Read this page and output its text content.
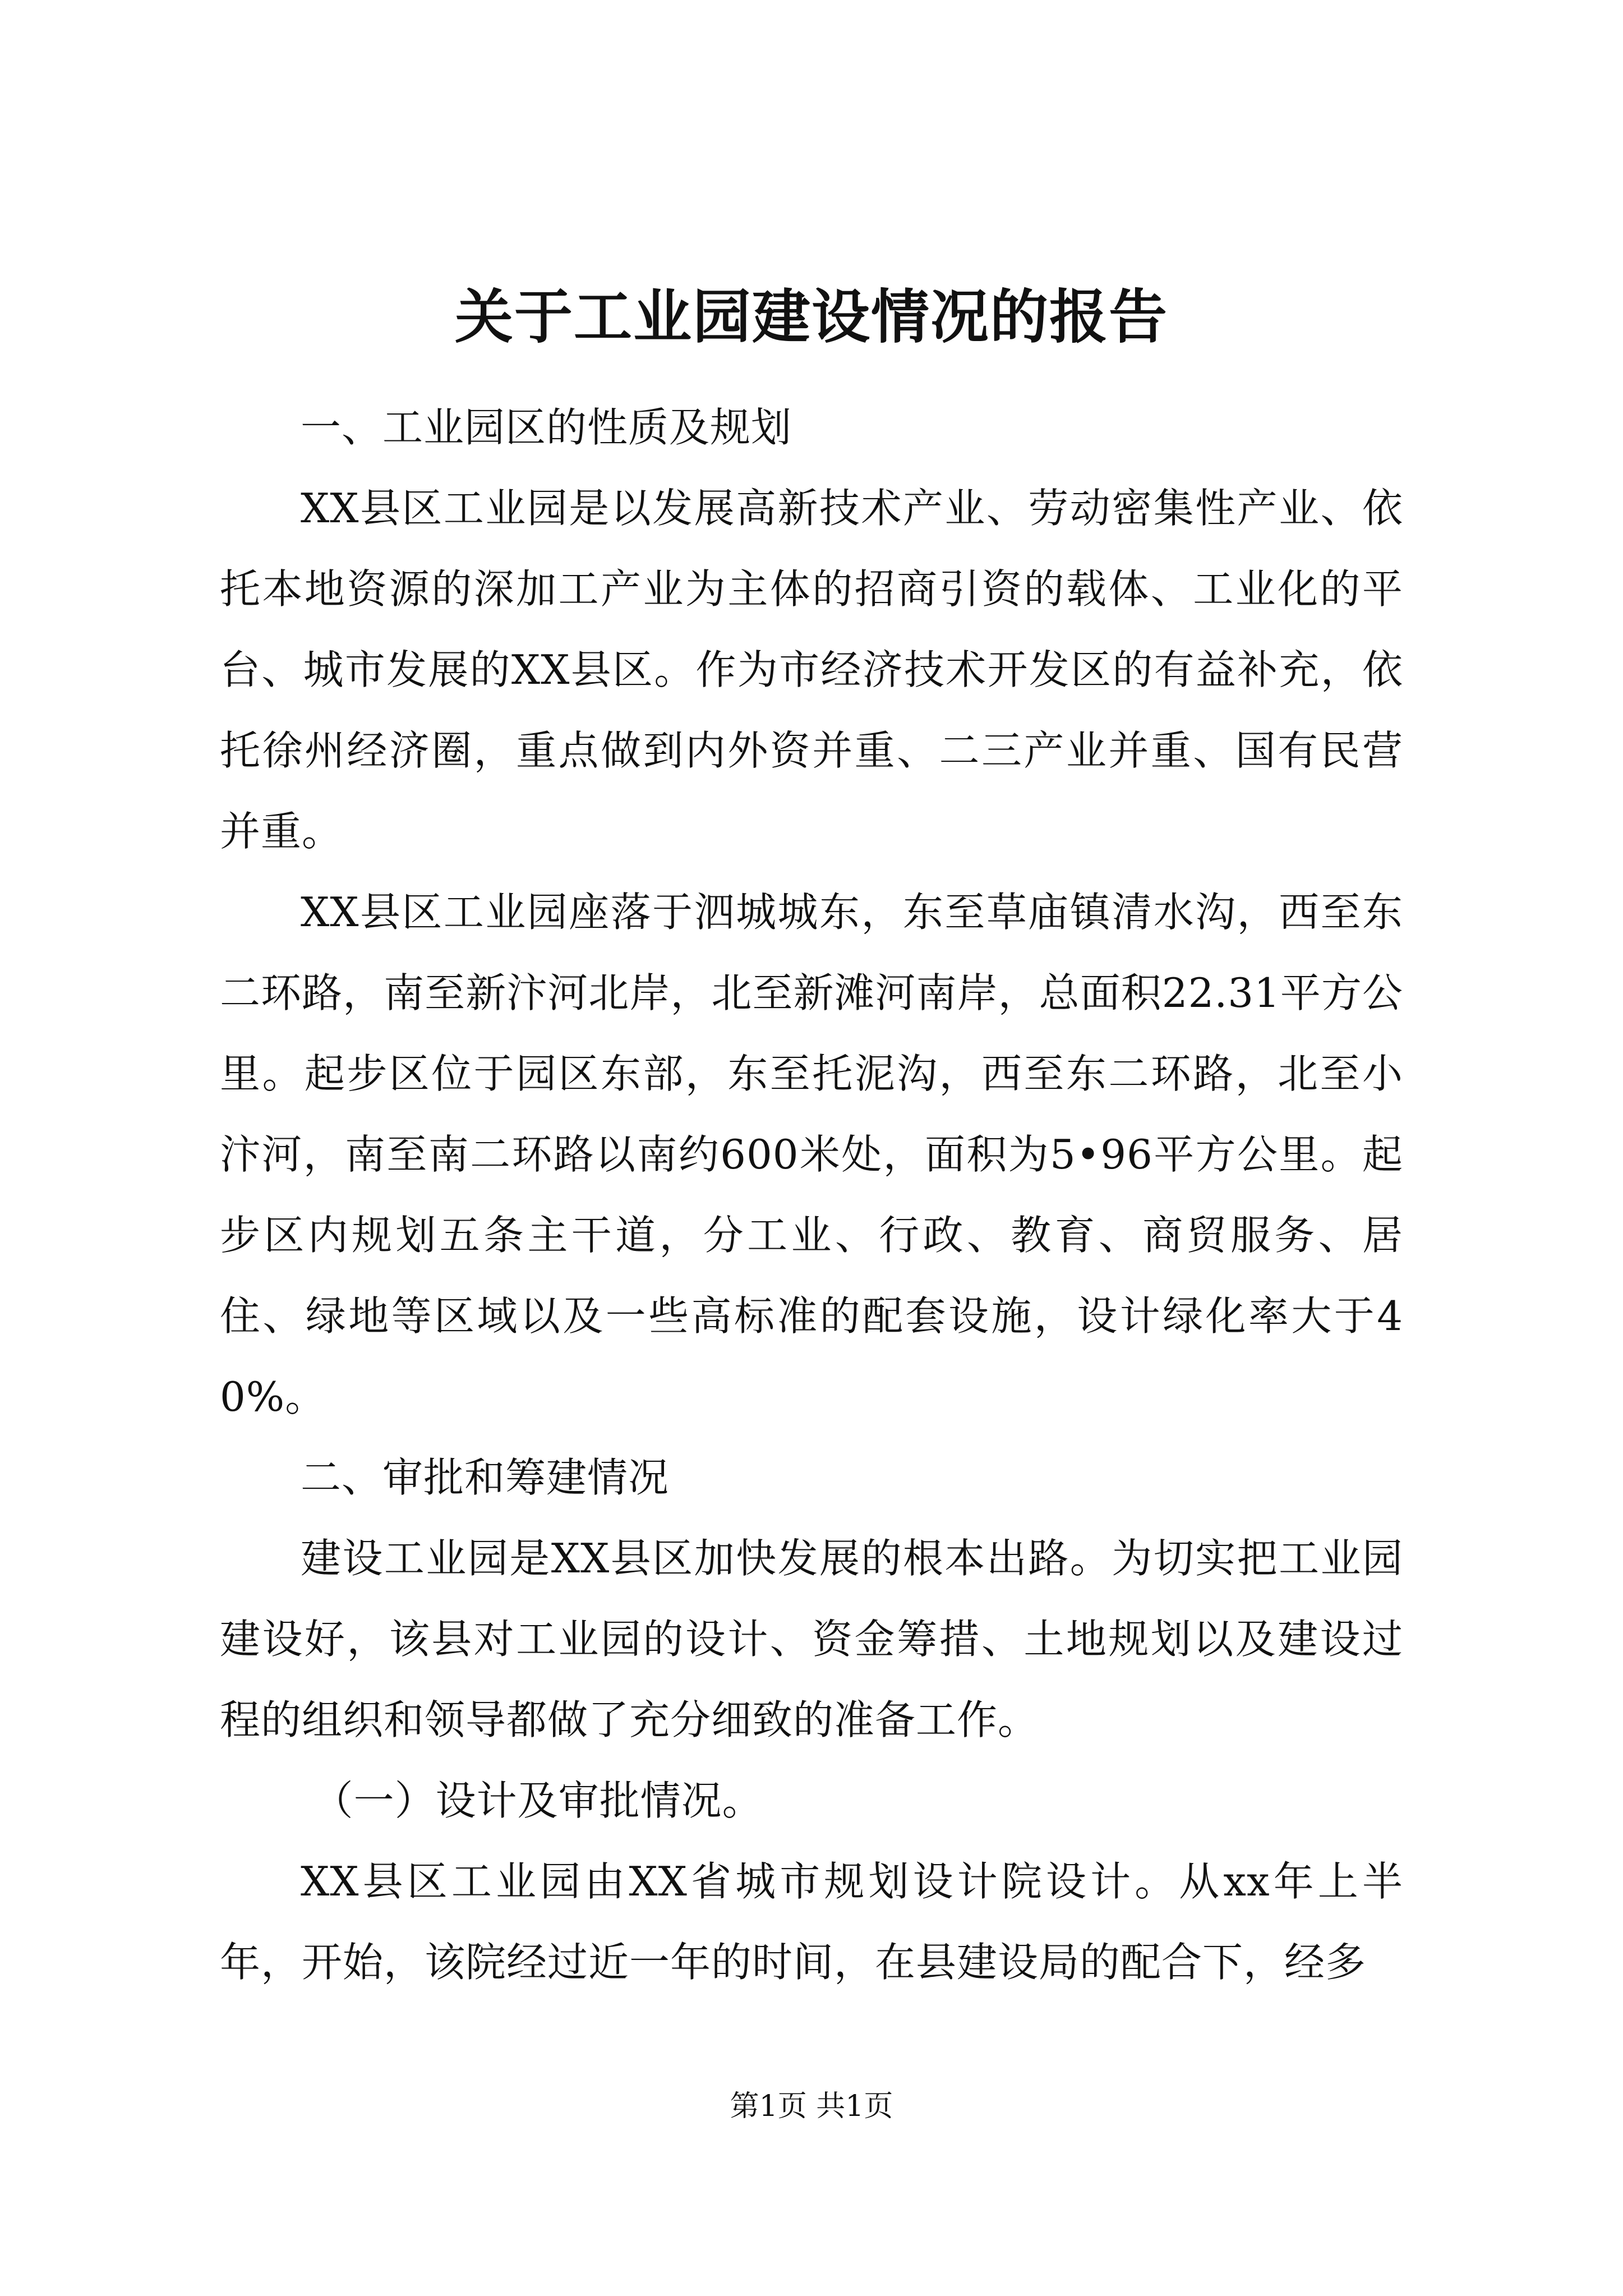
关于工业园建设情况的报告

一、工业园区的性质及规划

XX县区工业园是以发展高新技术产业、劳动密集性产业、依托本地资源的深加工产业为主体的招商引资的载体、工业化的平台、城市发展的XX县区。作为市经济技术开发区的有益补充，依托徐州经济圈，重点做到内外资并重、二三产业并重、国有民营并重。

XX县区工业园座落于泗城城东，东至草庙镇清水沟，西至东二环路，南至新汴河北岸，北至新滩河南岸，总面积22.31平方公里。起步区位于园区东部，东至托泥沟，西至东二环路，北至小汴河，南至南二环路以南约600米处，面积为5•96平方公里。起步区内规划五条主干道，分工业、行政、教育、商贸服务、居住、绿地等区域以及一些高标准的配套设施，设计绿化率大于40%。

二、审批和筹建情况

建设工业园是XX县区加快发展的根本出路。为切实把工业园建设好，该县对工业园的设计、资金筹措、土地规划以及建设过程的组织和领导都做了充分细致的准备工作。

（一）设计及审批情况。

XX县区工业园由XX省城市规划设计院设计。从xx年上半年，开始，该院经过近一年的时间，在县建设局的配合下，经多

第1页 共1页
